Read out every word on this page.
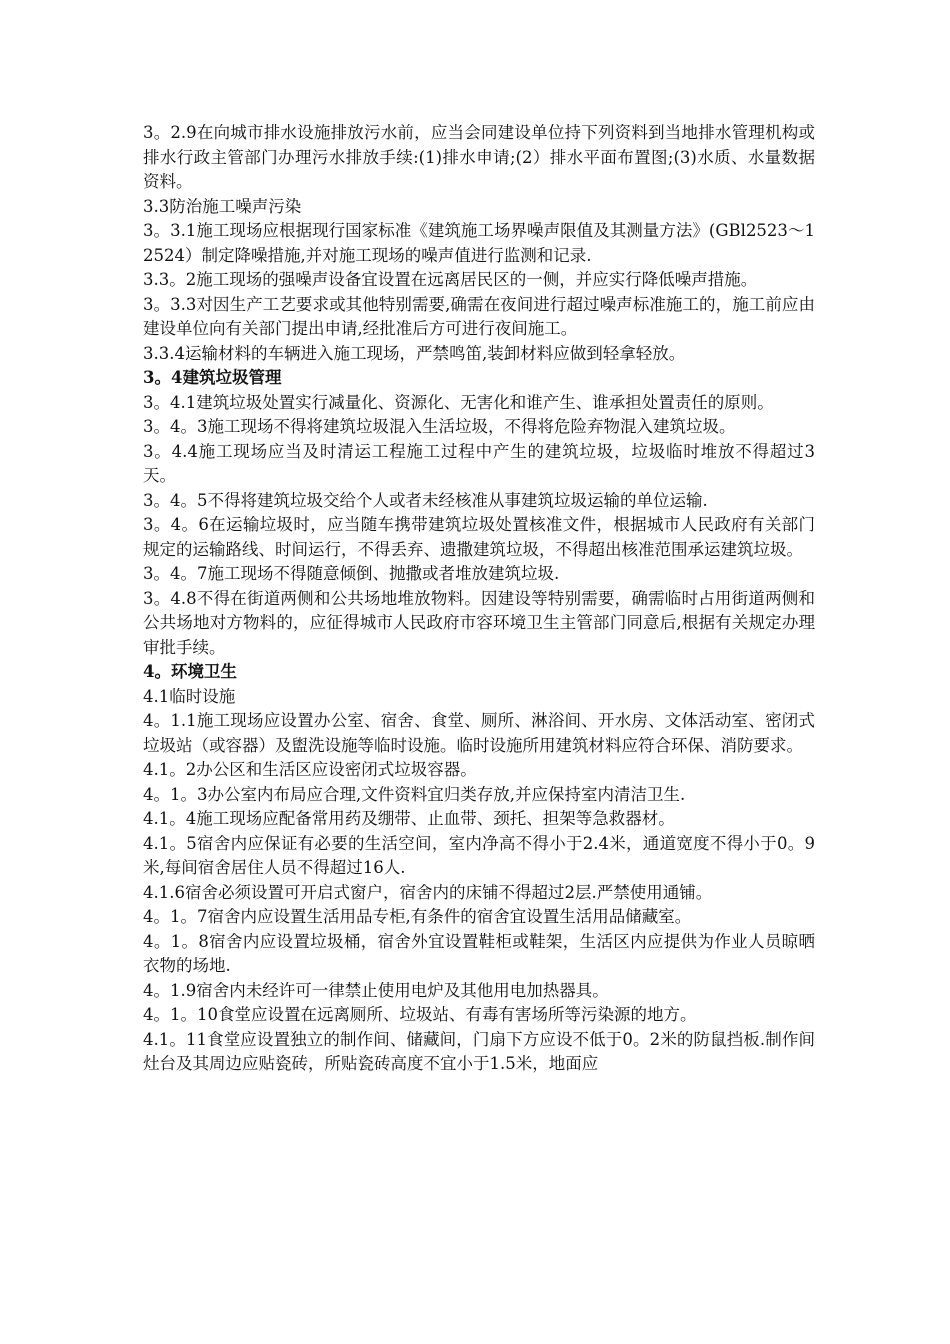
3。2.9在向城市排水设施排放污水前，应当会同建设单位持下列资料到当地排水管理机构或排水行政主管部门办理污水排放手续:(1)排水申请;(2）排水平面布置图;(3)水质、水量数据资料。

3.3防治施工噪声污染

3。3.1施工现场应根据现行国家标准《建筑施工场界噪声限值及其测量方法》(GBl2523～12524）制定降噪措施,并对施工现场的噪声值进行监测和记录.

3.3。2施工现场的强噪声设备宜设置在远离居民区的一侧，并应实行降低噪声措施。

3。3.3对因生产工艺要求或其他特别需要,确需在夜间进行超过噪声标准施工的，施工前应由建设单位向有关部门提出申请,经批准后方可进行夜间施工。

3.3.4运输材料的车辆进入施工现场，严禁鸣笛,装卸材料应做到轻拿轻放。

3。4建筑垃圾管理

3。4.1建筑垃圾处置实行减量化、资源化、无害化和谁产生、谁承担处置责任的原则。

3。4。3施工现场不得将建筑垃圾混入生活垃圾，不得将危险弃物混入建筑垃圾。

3。4.4施工现场应当及时清运工程施工过程中产生的建筑垃圾，垃圾临时堆放不得超过3天。

3。4。5不得将建筑垃圾交给个人或者未经核准从事建筑垃圾运输的单位运输.

3。4。6在运输垃圾时，应当随车携带建筑垃圾处置核准文件，根据城市人民政府有关部门规定的运输路线、时间运行，不得丢弃、遗撒建筑垃圾，不得超出核准范围承运建筑垃圾。

3。4。7施工现场不得随意倾倒、抛撒或者堆放建筑垃圾.

3。4.8不得在街道两侧和公共场地堆放物料。因建设等特别需要，确需临时占用街道两侧和公共场地对方物料的，应征得城市人民政府市容环境卫生主管部门同意后,根据有关规定办理审批手续。

4。环境卫生

4.1临时设施

4。1.1施工现场应设置办公室、宿舍、食堂、厕所、淋浴间、开水房、文体活动室、密闭式垃圾站（或容器）及盥洗设施等临时设施。临时设施所用建筑材料应符合环保、消防要求。

4.1。2办公区和生活区应设密闭式垃圾容器。

4。1。3办公室内布局应合理,文件资料宜归类存放,并应保持室内清洁卫生.

4.1。4施工现场应配备常用药及绷带、止血带、颈托、担架等急救器材。

4.1。5宿舍内应保证有必要的生活空间，室内净高不得小于2.4米，通道宽度不得小于0。9米,每间宿舍居住人员不得超过16人.

4.1.6宿舍必须设置可开启式窗户，宿舍内的床铺不得超过2层.严禁使用通铺。

4。1。7宿舍内应设置生活用品专柜,有条件的宿舍宜设置生活用品储藏室。

4。1。8宿舍内应设置垃圾桶，宿舍外宜设置鞋柜或鞋架，生活区内应提供为作业人员晾晒衣物的场地.

4。1.9宿舍内未经许可一律禁止使用电炉及其他用电加热器具。

4。1。10食堂应设置在远离厕所、垃圾站、有毒有害场所等污染源的地方。

4.1。11食堂应设置独立的制作间、储藏间，门扇下方应设不低于0。2米的防鼠挡板.制作间灶台及其周边应贴瓷砖，所贴瓷砖高度不宜小于1.5米，地面应
